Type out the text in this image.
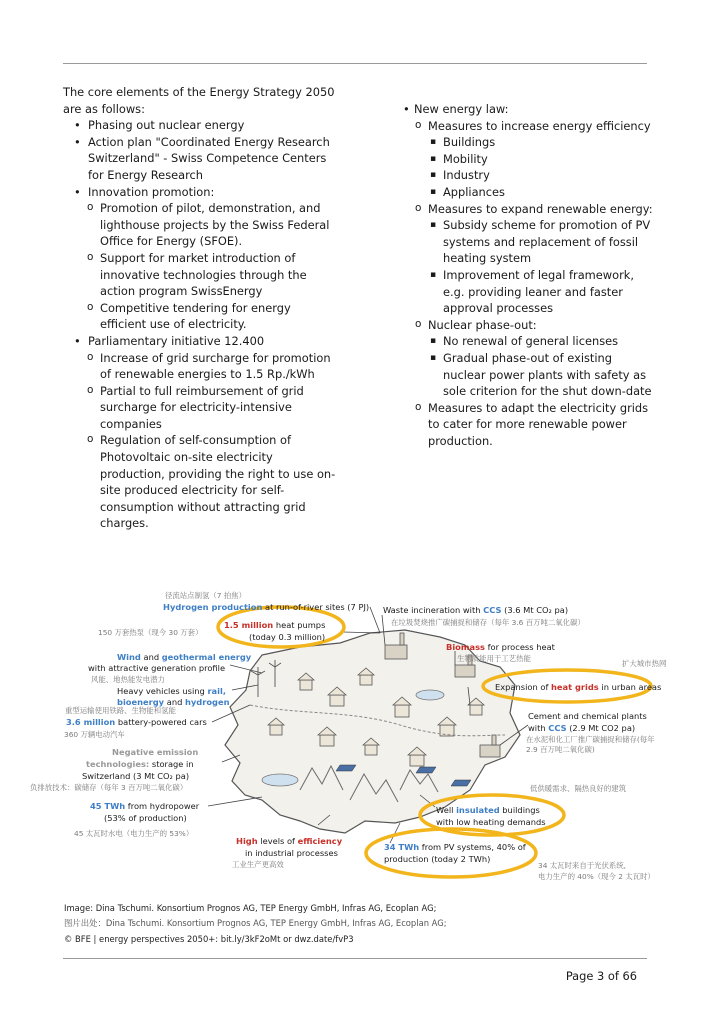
The core elements of the Energy Strategy 2050 are as follows:

• Phasing out nuclear energy
• Action plan "Coordinated Energy Research Switzerland" - Swiss Competence Centers for Energy Research
• Innovation promotion:
o Promotion of pilot, demonstration, and lighthouse projects by the Swiss Federal Office for Energy (SFOE).
o Support for market introduction of innovative technologies through the action program SwissEnergy
o Competitive tendering for energy efficient use of electricity.
• Parliamentary initiative 12.400
o Increase of grid surcharge for promotion of renewable energies to 1.5 Rp./kWh
o Partial to full reimbursement of grid surcharge for electricity-intensive companies
o Regulation of self-consumption of Photovoltaic on-site electricity production, providing the right to use on-site produced electricity for self-consumption without attracting grid charges.
• New energy law:
o Measures to increase energy efficiency
▪ Buildings
▪ Mobility
▪ Industry
▪ Appliances
o Measures to expand renewable energy:
▪ Subsidy scheme for promotion of PV systems and replacement of fossil heating system
▪ Improvement of legal framework, e.g. providing leaner and faster approval processes
o Nuclear phase-out:
▪ No renewal of general licenses
▪ Gradual phase-out of existing nuclear power plants with safety as sole criterion for the shut down-date
o Measures to adapt the electricity grids to cater for more renewable power production.
径流站点制氢（7 拍焦）
Hydrogen production at run-of-river sites (7 PJ)
1.5 million heat pumps
(today 0.3 million)
150 万套热泵（现今 30 万套）
Wind and geothermal energy
with attractive generation profile
风能、地热能发电潜力
Heavy vehicles using rail,
bioenergy and hydrogen
重型运输使用铁路、生物能和氢能
3.6 million battery-powered cars
360 万辆电动汽车
Negative emission
technologies: storage in
Switzerland (3 Mt CO₂ pa)
负排放技术：碳储存（每年 3 百万吨二氧化碳）
45 TWh from hydropower
(53% of production)
45 太瓦时水电（电力生产的 53%）
High levels of efficiency
in industrial processes
工业生产更高效
Waste incineration with CCS (3.6 Mt CO₂ pa)
在垃圾焚烧推广碳捕捉和储存（每年 3.6 百万吨二氧化碳）
Biomass for process heat
生物质能用于工艺热能
扩大城市热网
Expansion of heat grids in urban areas
Cement and chemical plants
with CCS (2.9 Mt CO2 pa)
在水泥和化工厂推广碳捕捉和储存(每年
2.9 百万吨二氧化碳)
低供暖需求、隔热良好的建筑
Well insulated buildings
with low heating demands
34 TWh from PV systems, 40% of
production (today 2 TWh)
34 太瓦时来自于光伏系统,
电力生产的 40%（现今 2 太瓦时）
Image: Dina Tschumi. Konsortium Prognos AG, TEP Energy GmbH, Infras AG, Ecoplan AG;
图片出处：Dina Tschumi. Konsortium Prognos AG, TEP Energy GmbH, Infras AG, Ecoplan AG;
© BFE | energy perspectives 2050+: bit.ly/3kF2oMt or dwz.date/fvP3
Page 3 of 66
